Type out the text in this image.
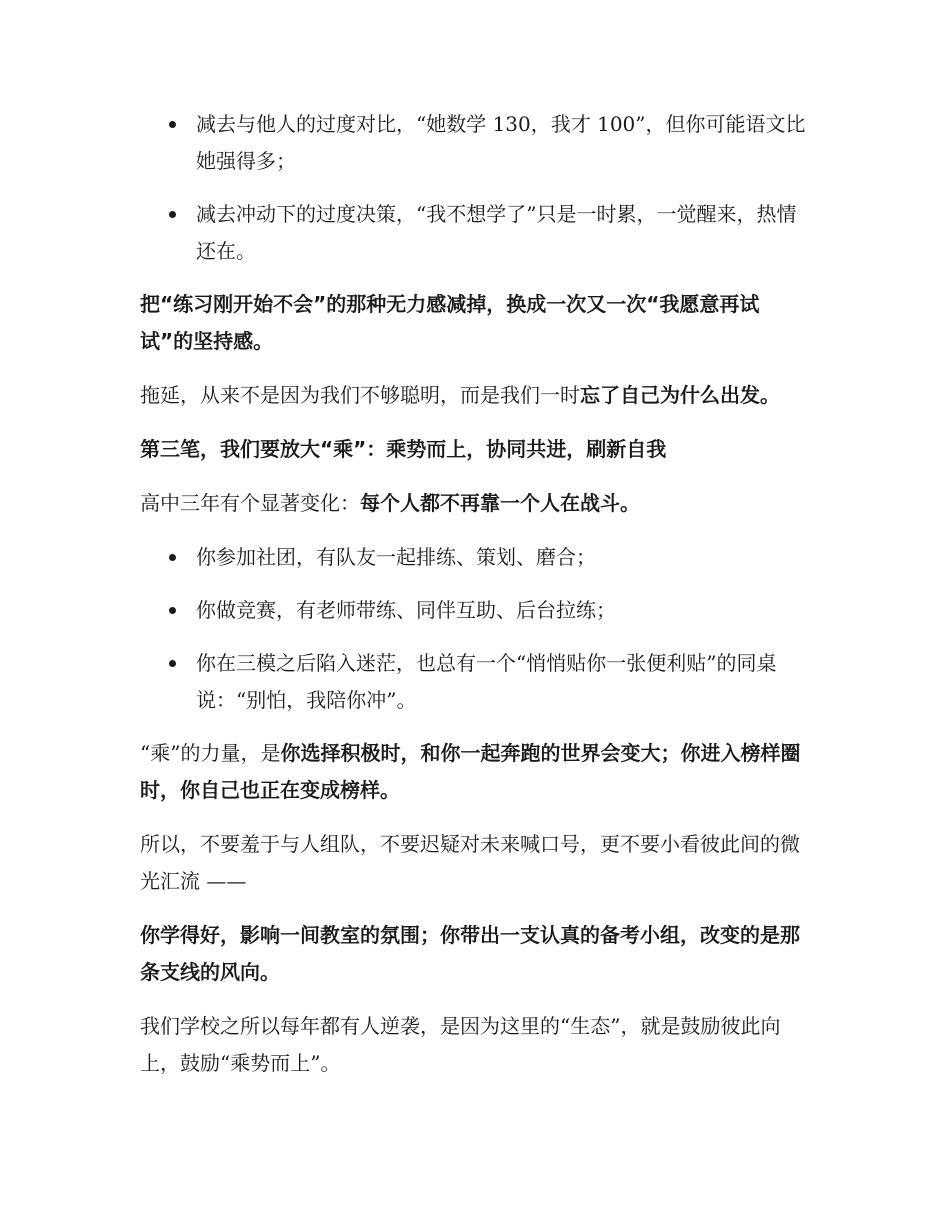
减去与他人的过度对比，“她数学 130，我才 100”，但你可能语文比她强得多；
减去冲动下的过度决策，“我不想学了”只是一时累，一觉醒来，热情还在。

把“练习刚开始不会”的那种无力感减掉，换成一次又一次“我愿意再试试”的坚持感。

拖延，从来不是因为我们不够聪明，而是我们一时忘了自己为什么出发。

第三笔，我们要放大“乘”：乘势而上，协同共进，刷新自我

高中三年有个显著变化：每个人都不再靠一个人在战斗。

你参加社团，有队友一起排练、策划、磨合；
你做竞赛，有老师带练、同伴互助、后台拉练；
你在三模之后陷入迷茫，也总有一个“悄悄贴你一张便利贴”的同桌说：“别怕，我陪你冲”。

“乘”的力量，是你选择积极时，和你一起奔跑的世界会变大；你进入榜样圈时，你自己也正在变成榜样。

所以，不要羞于与人组队，不要迟疑对未来喊口号，更不要小看彼此间的微光汇流 ——

你学得好，影响一间教室的氛围；你带出一支认真的备考小组，改变的是那条支线的风向。

我们学校之所以每年都有人逆袭，是因为这里的“生态”，就是鼓励彼此向上，鼓励“乘势而上”。
